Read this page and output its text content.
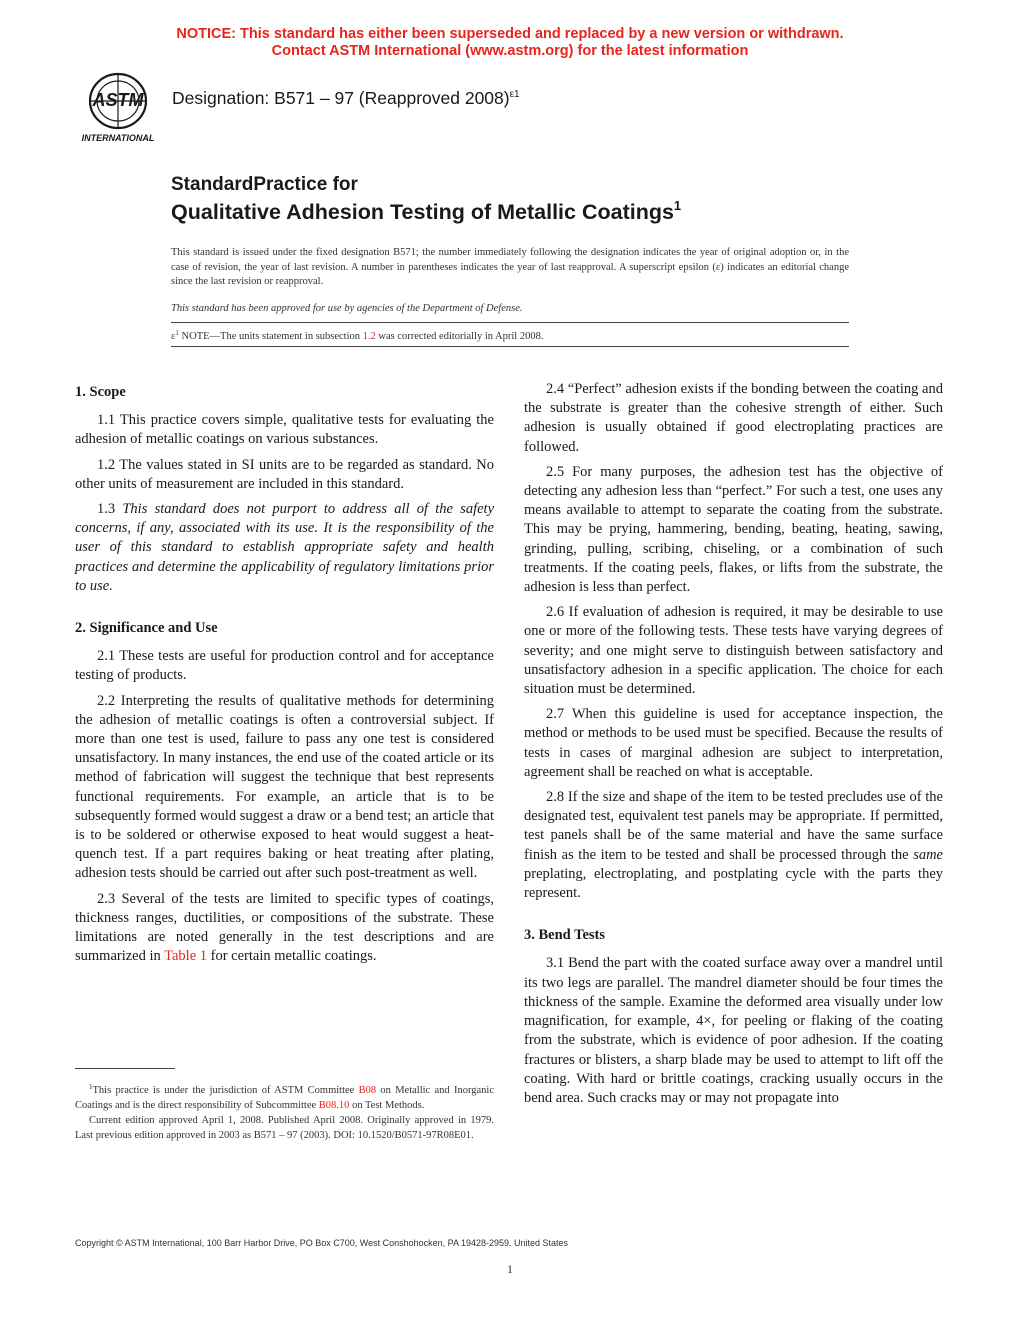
NOTICE: This standard has either been superseded and replaced by a new version or withdrawn.
Contact ASTM International (www.astm.org) for the latest information
ASTM
INTERNATIONAL
Designation: B571 – 97 (Reapproved 2008)$^{\varepsilon 1}$
StandardPractice for
Qualitative Adhesion Testing of Metallic Coatings$^1$
This standard is issued under the fixed designation B571; the number immediately following the designation indicates the year of original adoption or, in the case of revision, the year of last revision. A number in parentheses indicates the year of last reapproval. A superscript epsilon (ε) indicates an editorial change since the last revision or reapproval.
This standard has been approved for use by agencies of the Department of Defense.
$\varepsilon^1$ NOTE—The units statement in subsection 1.2 was corrected editorially in April 2008.
1. Scope

1.1 This practice covers simple, qualitative tests for evaluating the adhesion of metallic coatings on various substances.

1.2 The values stated in SI units are to be regarded as standard. No other units of measurement are included in this standard.

1.3 This standard does not purport to address all of the safety concerns, if any, associated with its use. It is the responsibility of the user of this standard to establish appropriate safety and health practices and determine the applicability of regulatory limitations prior to use.

2. Significance and Use

2.1 These tests are useful for production control and for acceptance testing of products.

2.2 Interpreting the results of qualitative methods for determining the adhesion of metallic coatings is often a controversial subject. If more than one test is used, failure to pass any one test is considered unsatisfactory. In many instances, the end use of the coated article or its method of fabrication will suggest the technique that best represents functional requirements. For example, an article that is to be subsequently formed would suggest a draw or a bend test; an article that is to be soldered or otherwise exposed to heat would suggest a heat-quench test. If a part requires baking or heat treating after plating, adhesion tests should be carried out after such post-treatment as well.

2.3 Several of the tests are limited to specific types of coatings, thickness ranges, ductilities, or compositions of the substrate. These limitations are noted generally in the test descriptions and are summarized in Table 1 for certain metallic coatings.

2.4 “Perfect” adhesion exists if the bonding between the coating and the substrate is greater than the cohesive strength of either. Such adhesion is usually obtained if good electroplating practices are followed.

2.5 For many purposes, the adhesion test has the objective of detecting any adhesion less than “perfect.” For such a test, one uses any means available to attempt to separate the coating from the substrate. This may be prying, hammering, bending, beating, heating, sawing, grinding, pulling, scribing, chiseling, or a combination of such treatments. If the coating peels, flakes, or lifts from the substrate, the adhesion is less than perfect.

2.6 If evaluation of adhesion is required, it may be desirable to use one or more of the following tests. These tests have varying degrees of severity; and one might serve to distinguish between satisfactory and unsatisfactory adhesion in a specific application. The choice for each situation must be determined.

2.7 When this guideline is used for acceptance inspection, the method or methods to be used must be specified. Because the results of tests in cases of marginal adhesion are subject to interpretation, agreement shall be reached on what is acceptable.

2.8 If the size and shape of the item to be tested precludes use of the designated test, equivalent test panels may be appropriate. If permitted, test panels shall be of the same material and have the same surface finish as the item to be tested and shall be processed through the same preplating, electroplating, and postplating cycle with the parts they represent.

3. Bend Tests

3.1 Bend the part with the coated surface away over a mandrel until its two legs are parallel. The mandrel diameter should be four times the thickness of the sample. Examine the deformed area visually under low magnification, for example, 4×, for peeling or flaking of the coating from the substrate, which is evidence of poor adhesion. If the coating fractures or blisters, a sharp blade may be used to attempt to lift off the coating. With hard or brittle coatings, cracking usually occurs in the bend area. Such cracks may or may not propagate into

$^1$This practice is under the jurisdiction of ASTM Committee B08 on Metallic and Inorganic Coatings and is the direct responsibility of Subcommittee B08.10 on Test Methods.

Current edition approved April 1, 2008. Published April 2008. Originally approved in 1979. Last previous edition approved in 2003 as B571 – 97 (2003). DOI: 10.1520/B0571-97R08E01.

Copyright © ASTM International, 100 Barr Harbor Drive, PO Box C700, West Conshohocken, PA 19428-2959. United States
1
